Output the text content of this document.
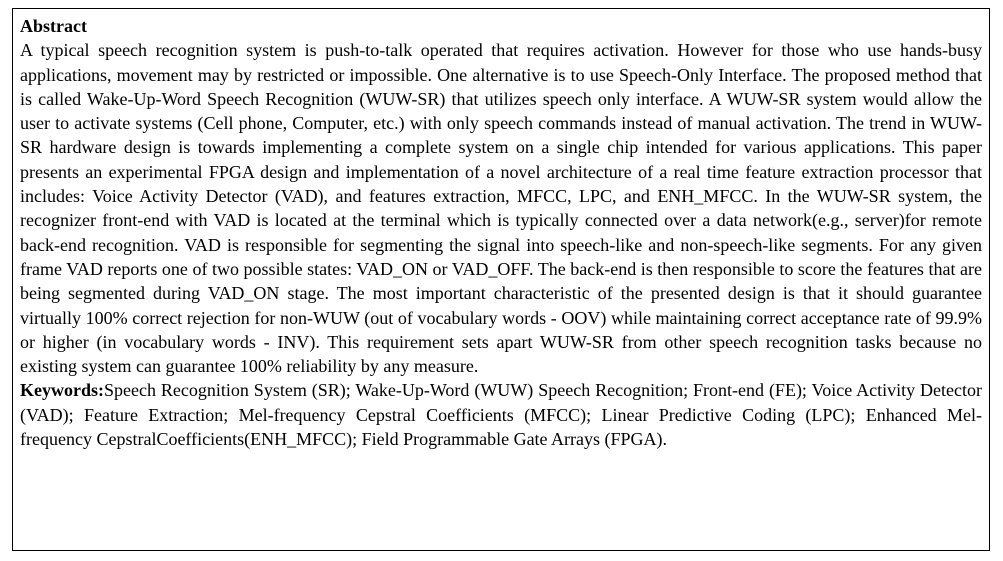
Abstract

A typical speech recognition system is push-to-talk operated that requires activation. However for those who use hands-busy applications, movement may by restricted or impossible. One alternative is to use Speech-Only Interface. The proposed method that is called Wake-Up-Word Speech Recognition (WUW-SR) that utilizes speech only interface. A WUW-SR system would allow the user to activate systems (Cell phone, Computer, etc.) with only speech commands instead of manual activation. The trend in WUW-SR hardware design is towards implementing a complete system on a single chip intended for various applications. This paper presents an experimental FPGA design and implementation of a novel architecture of a real time feature extraction processor that includes: Voice Activity Detector (VAD), and features extraction, MFCC, LPC, and ENH_MFCC. In the WUW-SR system, the recognizer front-end with VAD is located at the terminal which is typically connected over a data network(e.g., server)for remote back-end recognition. VAD is responsible for segmenting the signal into speech-like and non-speech-like segments. For any given frame VAD reports one of two possible states: VAD_ON or VAD_OFF. The back-end is then responsible to score the features that are being segmented during VAD_ON stage. The most important characteristic of the presented design is that it should guarantee virtually 100% correct rejection for non-WUW (out of vocabulary words - OOV) while maintaining correct acceptance rate of 99.9% or higher (in vocabulary words - INV). This requirement sets apart WUW-SR from other speech recognition tasks because no existing system can guarantee 100% reliability by any measure.

Keywords:Speech Recognition System (SR); Wake-Up-Word (WUW) Speech Recognition; Front-end (FE); Voice Activity Detector (VAD); Feature Extraction; Mel-frequency Cepstral Coefficients (MFCC); Linear Predictive Coding (LPC); Enhanced Mel-frequency CepstralCoefficients(ENH_MFCC); Field Programmable Gate Arrays (FPGA).
